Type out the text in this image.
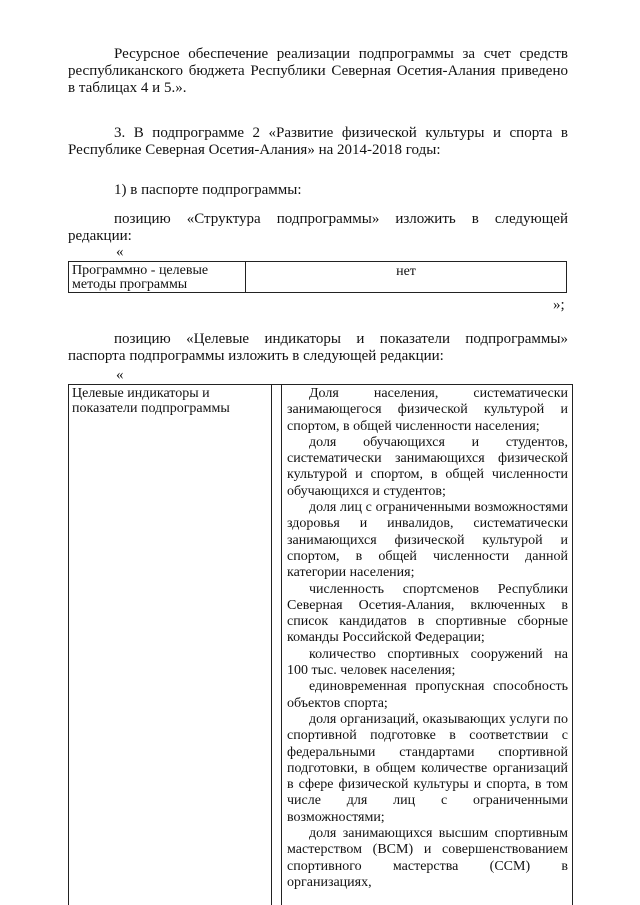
Ресурсное обеспечение реализации подпрограммы за счет средств республиканского бюджета Республики Северная Осетия-Алания приведено в таблицах 4 и 5.».

3. В подпрограмме 2 «Развитие физической культуры и спорта в Республике Северная Осетия-Алания» на 2014-2018 годы:

1) в паспорте подпрограммы:

позицию «Структура подпрограммы» изложить в следующей редакции:

«

Программно - целевые методы программы
нет

»;

позицию «Целевые индикаторы и показатели подпрограммы» паспорта подпрограммы изложить в следующей редакции:

«

Целевые индикаторы и показатели подпрограммы

Доля населения, систематически занимающегося физической культурой и спортом, в общей численности населения;

доля обучающихся и студентов, систематически занимающихся физической культурой и спортом, в общей численности обучающихся и студентов;

доля лиц с ограниченными возможностями здоровья и инвалидов, систематически занимающихся физической культурой и спортом, в общей численности данной категории населения;

численность спортсменов Республики Северная Осетия-Алания, включенных в список кандидатов в спортивные сборные команды Российской Федерации;

количество спортивных сооружений на 100 тыс. человек населения;

единовременная пропускная способность объектов спорта;

доля организаций, оказывающих услуги по спортивной подготовке в соответствии с федеральными стандартами спортивной подготовки, в общем количестве организаций в сфере физической культуры и спорта, в том числе для лиц с ограниченными возможностями;

доля занимающихся высшим спортивным мастерством (ВСМ) и совершенствованием спортивного мастерства (ССМ) в организациях,
